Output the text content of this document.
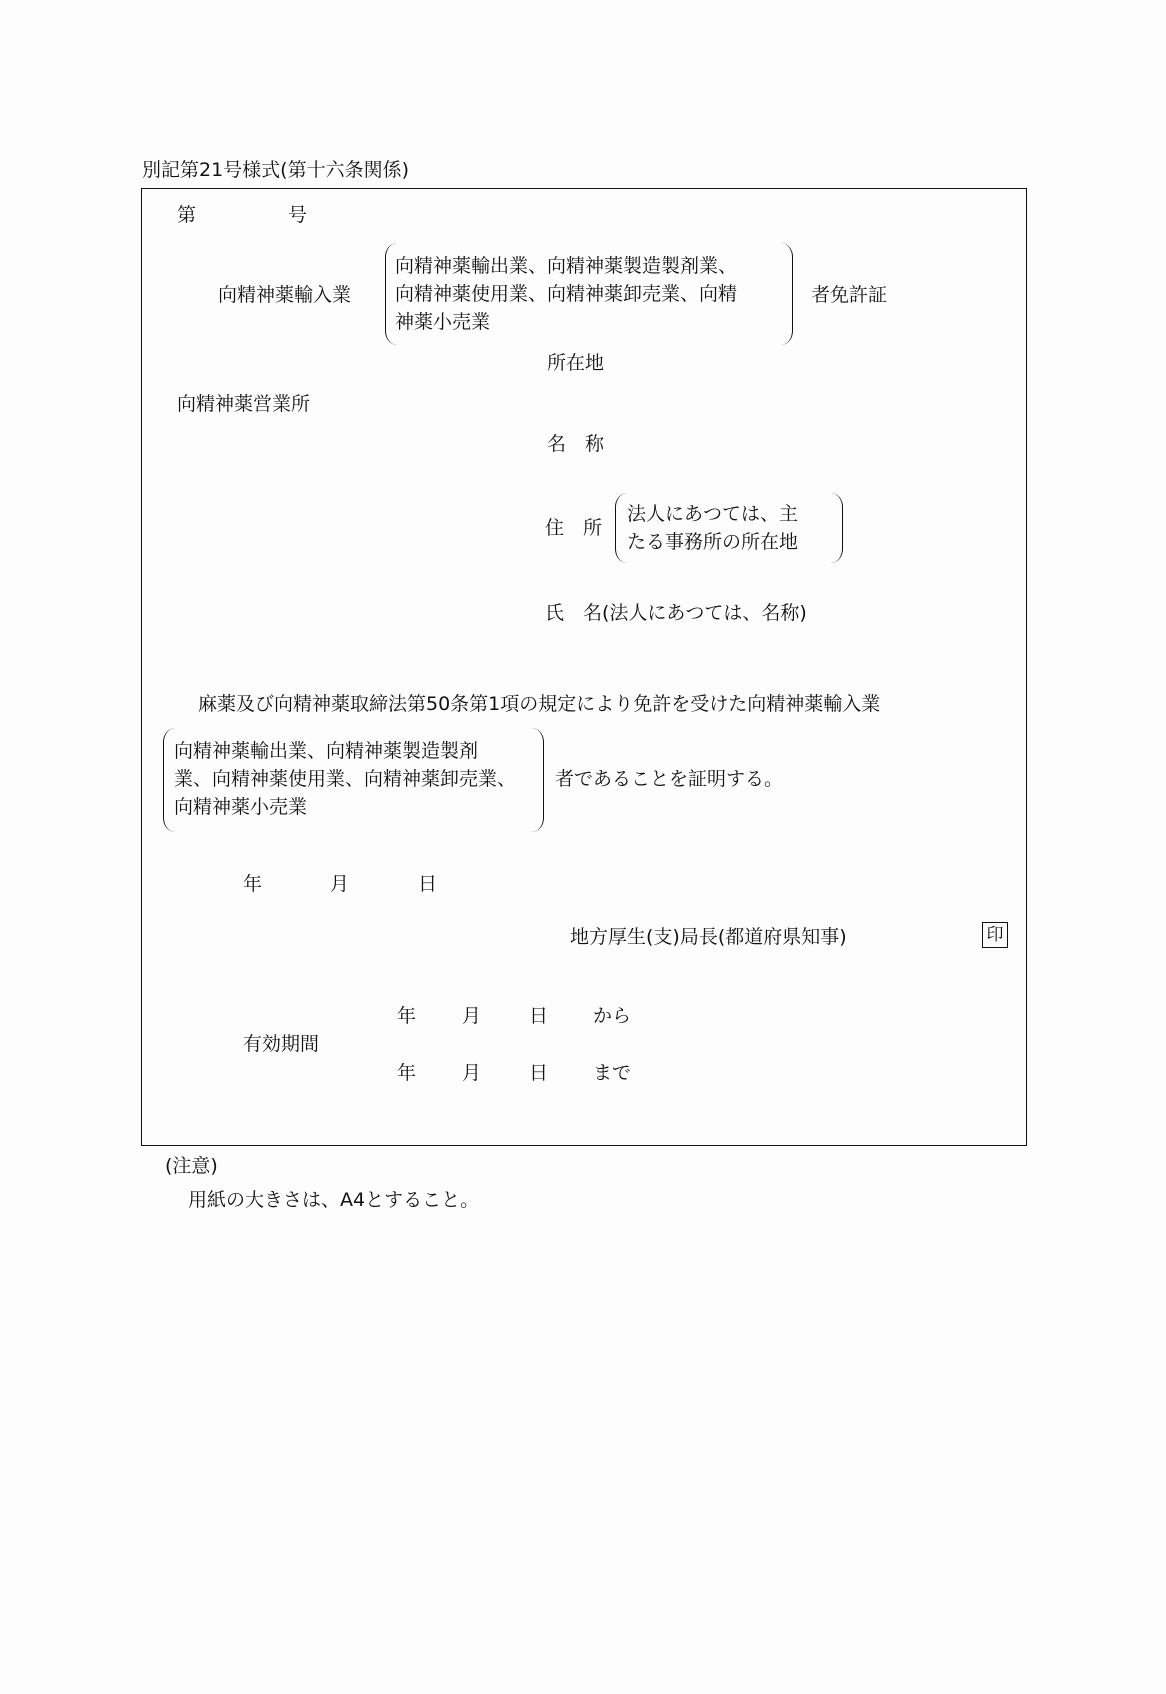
別記第21号様式(第十六条関係)
第	号
向精神薬輸入業
向精神薬輸出業、向精神薬製造製剤業、
向精神薬使用業、向精神薬卸売業、向精
神薬小売業
者免許証
所在地
向精神薬営業所
名　称
住　所
法人にあつては、主
たる事務所の所在地
氏　名(法人にあつては、名称)
麻薬及び向精神薬取締法第50条第1項の規定により免許を受けた向精神薬輸入業
向精神薬輸出業、向精神薬製造製剤
業、向精神薬使用業、向精神薬卸売業、
向精神薬小売業
者であることを証明する。
年	月	日
地方厚生(支)局長(都道府県知事)	印
有効期間
年 月	日 から
年 月	日 まで
(注意)
用紙の大きさは、A4とすること。
